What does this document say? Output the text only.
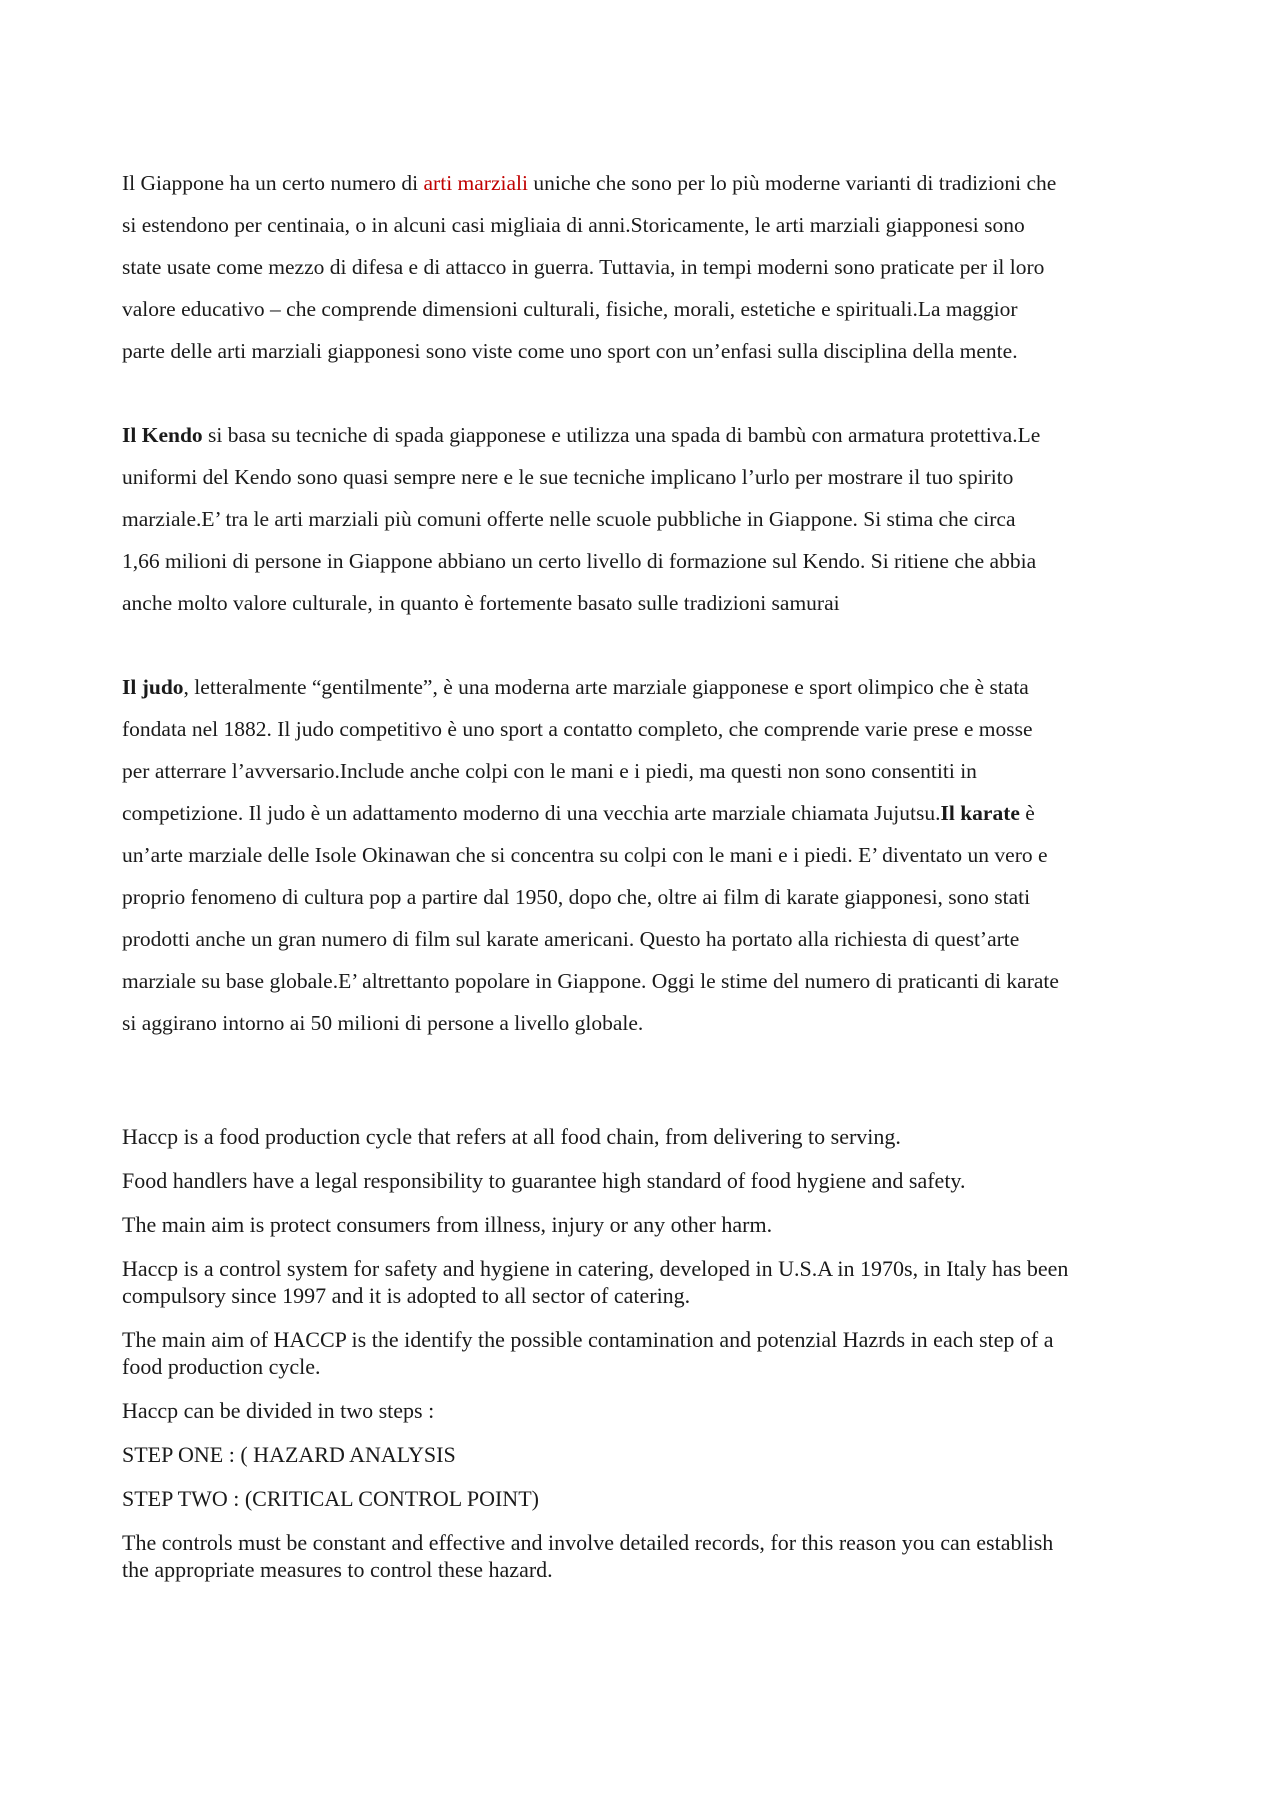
Il Giappone ha un certo numero di arti marziali uniche che sono per lo più moderne varianti di tradizioni che
si estendono per centinaia, o in alcuni casi migliaia di anni.Storicamente, le arti marziali giapponesi sono
state usate come mezzo di difesa e di attacco in guerra. Tuttavia, in tempi moderni sono praticate per il loro
valore educativo – che comprende dimensioni culturali, fisiche, morali, estetiche e spirituali.La maggior
parte delle arti marziali giapponesi sono viste come uno sport con un’enfasi sulla disciplina della mente.
Il Kendo si basa su tecniche di spada giapponese e utilizza una spada di bambù con armatura protettiva.Le
uniformi del Kendo sono quasi sempre nere e le sue tecniche implicano l’urlo per mostrare il tuo spirito
marziale.E’ tra le arti marziali più comuni offerte nelle scuole pubbliche in Giappone. Si stima che circa
1,66 milioni di persone in Giappone abbiano un certo livello di formazione sul Kendo. Si ritiene che abbia
anche molto valore culturale, in quanto è fortemente basato sulle tradizioni samurai
Il judo, letteralmente “gentilmente”, è una moderna arte marziale giapponese e sport olimpico che è stata
fondata nel 1882. Il judo competitivo è uno sport a contatto completo, che comprende varie prese e mosse
per atterrare l’avversario.Include anche colpi con le mani e i piedi, ma questi non sono consentiti in
competizione. Il judo è un adattamento moderno di una vecchia arte marziale chiamata Jujutsu.Il karate è
un’arte marziale delle Isole Okinawan che si concentra su colpi con le mani e i piedi. E’ diventato un vero e
proprio fenomeno di cultura pop a partire dal 1950, dopo che, oltre ai film di karate giapponesi, sono stati
prodotti anche un gran numero di film sul karate americani. Questo ha portato alla richiesta di quest’arte
marziale su base globale.E’ altrettanto popolare in Giappone. Oggi le stime del numero di praticanti di karate
si aggirano intorno ai 50 milioni di persone a livello globale.
Haccp is a food production cycle that refers at all food chain, from delivering to serving.
Food handlers have a legal responsibility to guarantee high standard of food hygiene and safety.
The main aim is protect consumers from illness, injury or any other harm.
Haccp is a control system for safety and hygiene in catering, developed in U.S.A in 1970s, in Italy has been
compulsory since 1997 and it is adopted to all sector of catering.
The main aim of HACCP is the identify the possible contamination and potenzial Hazrds in each step of a
food production cycle.
Haccp can be divided in two steps :
STEP ONE : ( HAZARD ANALYSIS
STEP TWO : (CRITICAL CONTROL POINT)
The controls must be constant and effective and involve detailed records, for this reason you can establish
the appropriate measures to control these hazard.
